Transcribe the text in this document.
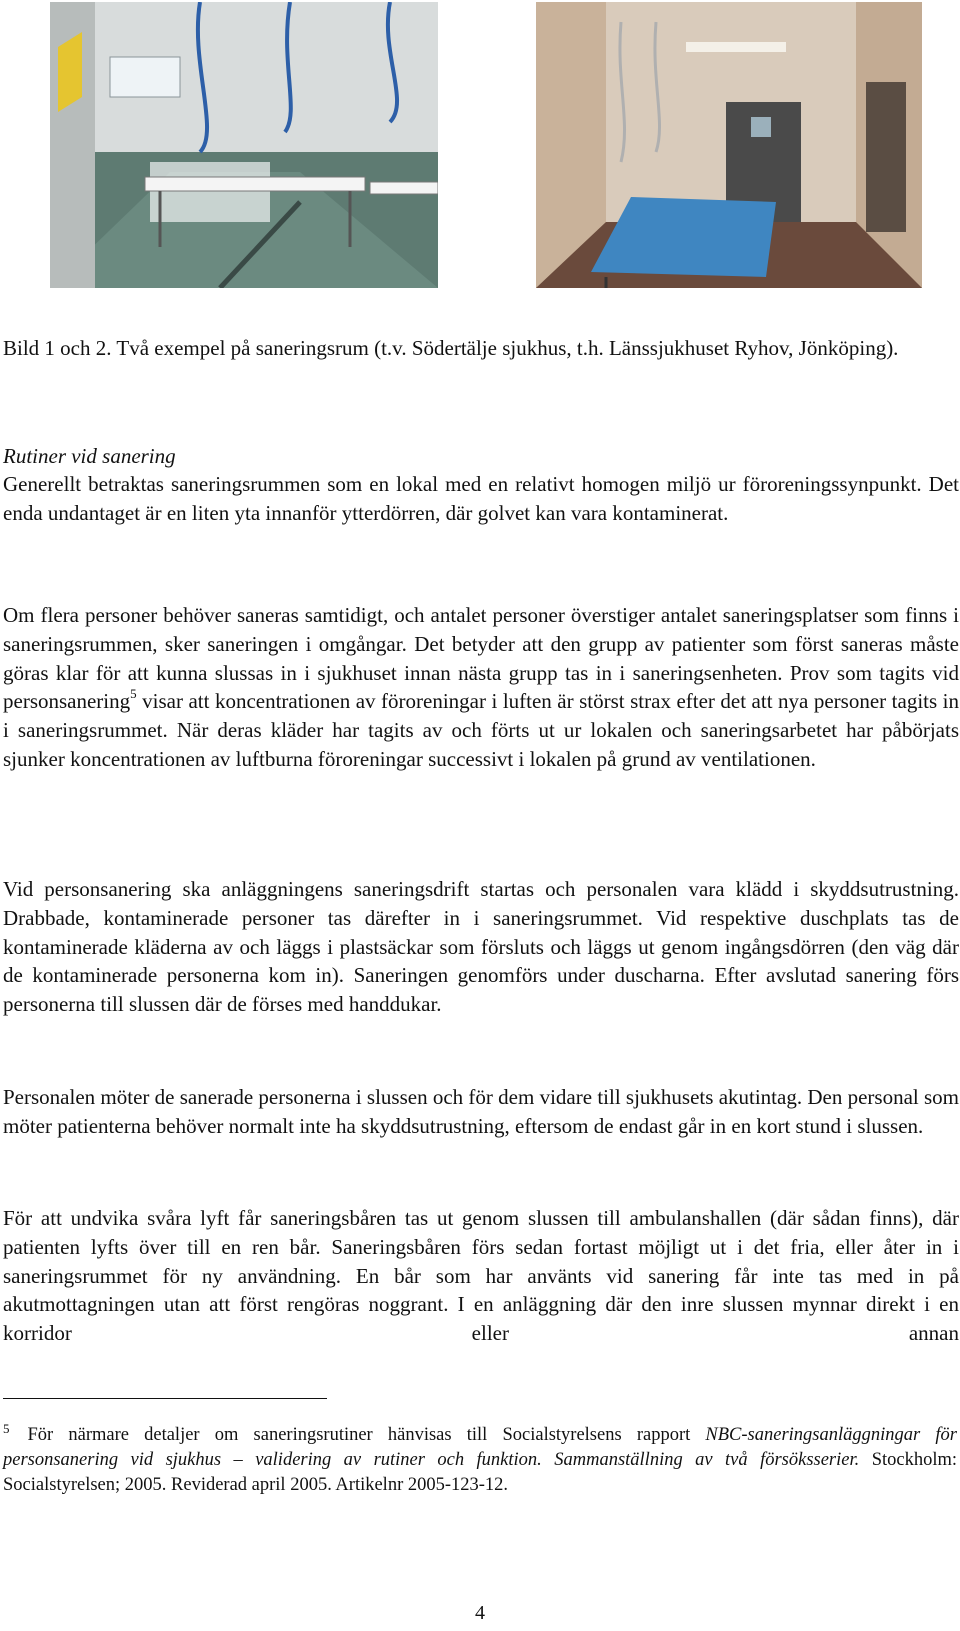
Bild 1 och 2. Två exempel på saneringsrum (t.v. Södertälje sjukhus, t.h. Länssjukhuset Ryhov, Jönköping).

Rutiner vid sanering

Generellt betraktas saneringsrummen som en lokal med en relativt homogen miljö ur föroreningssynpunkt. Det enda undantaget är en liten yta innanför ytterdörren, där golvet kan vara kontaminerat.

Om flera personer behöver saneras samtidigt, och antalet personer överstiger antalet saneringsplatser som finns i saneringsrummen, sker saneringen i omgångar. Det betyder att den grupp av patienter som först saneras måste göras klar för att kunna slussas in i sjukhuset innan nästa grupp tas in i saneringsenheten. Prov som tagits vid personsanering$^5$ visar att koncentrationen av föroreningar i luften är störst strax efter det att nya personer tagits in i saneringsrummet. När deras kläder har tagits av och förts ut ur lokalen och saneringsarbetet har påbörjats sjunker koncentrationen av luftburna föroreningar successivt i lokalen på grund av ventilationen.

Vid personsanering ska anläggningens saneringsdrift startas och personalen vara klädd i skyddsutrustning. Drabbade, kontaminerade personer tas därefter in i saneringsrummet. Vid respektive duschplats tas de kontaminerade kläderna av och läggs i plastsäckar som försluts och läggs ut genom ingångsdörren (den väg där de kontaminerade personerna kom in). Saneringen genomförs under duscharna. Efter avslutad sanering förs personerna till slussen där de förses med handdukar.

Personalen möter de sanerade personerna i slussen och för dem vidare till sjukhusets akutintag. Den personal som möter patienterna behöver normalt inte ha skyddsutrustning, eftersom de endast går in en kort stund i slussen.

För att undvika svåra lyft får saneringsbåren tas ut genom slussen till ambulanshallen (där sådan finns), där patienten lyfts över till en ren bår. Saneringsbåren förs sedan fortast möjligt ut i det fria, eller åter in i saneringsrummet för ny användning. En bår som har använts vid sanering får inte tas med in på akutmottagningen utan att först rengöras noggrant. I en anläggning där den inre slussen mynnar direkt i en korridor eller annan

$^5$ För närmare detaljer om saneringsrutiner hänvisas till Socialstyrelsens rapport NBC-saneringsanläggningar för personsanering vid sjukhus – validering av rutiner och funktion. Sammanställning av två försöksserier. Stockholm: Socialstyrelsen; 2005. Reviderad april 2005. Artikelnr 2005-123-12.

4
